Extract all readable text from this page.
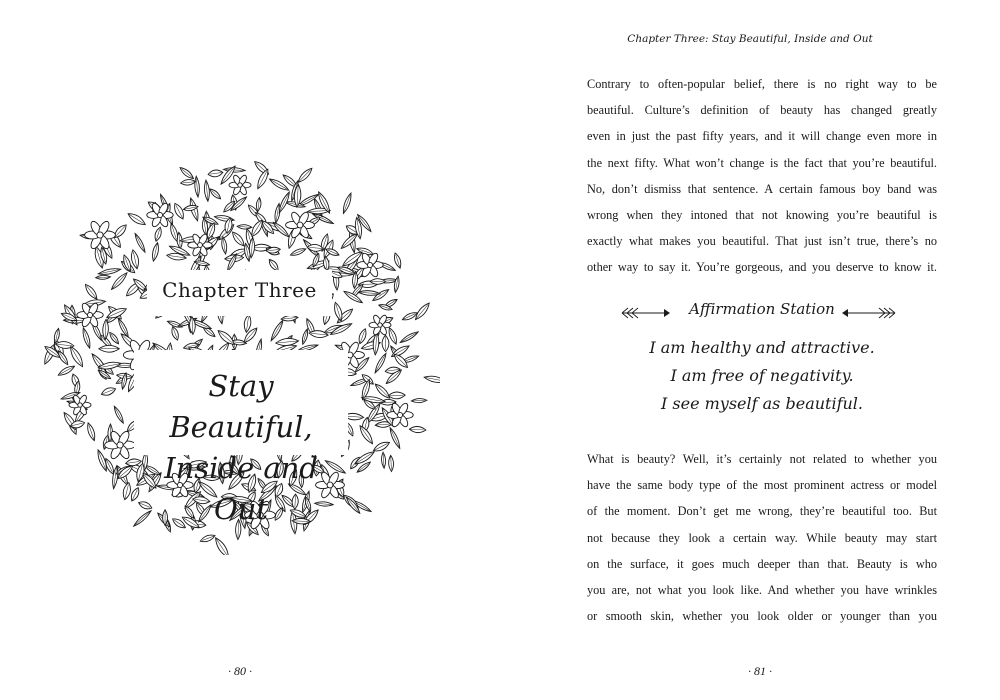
Chapter Three
Stay Beautiful,
Inside and Out
· 80 ·
Chapter Three: Stay Beautiful, Inside and Out
Contrary to often-popular belief, there is no right way to be
beautiful. Culture’s definition of beauty has changed greatly
even in just the past fifty years, and it will change even more in
the next fifty. What won’t change is the fact that you’re beautiful.
No, don’t dismiss that sentence. A certain famous boy band was
wrong when they intoned that not knowing you’re beautiful is
exactly what makes you beautiful. That just isn’t true, there’s no
other way to say it. You’re gorgeous, and you deserve to know it.
Affirmation Station
I am healthy and attractive.
I am free of negativity.
I see myself as beautiful.
What is beauty? Well, it’s certainly not related to whether you
have the same body type of the most prominent actress or model
of the moment. Don’t get me wrong, they’re beautiful too. But
not because they look a certain way. While beauty may start
on the surface, it goes much deeper than that. Beauty is who
you are, not what you look like. And whether you have wrinkles
or smooth skin, whether you look older or younger than you
· 81 ·
